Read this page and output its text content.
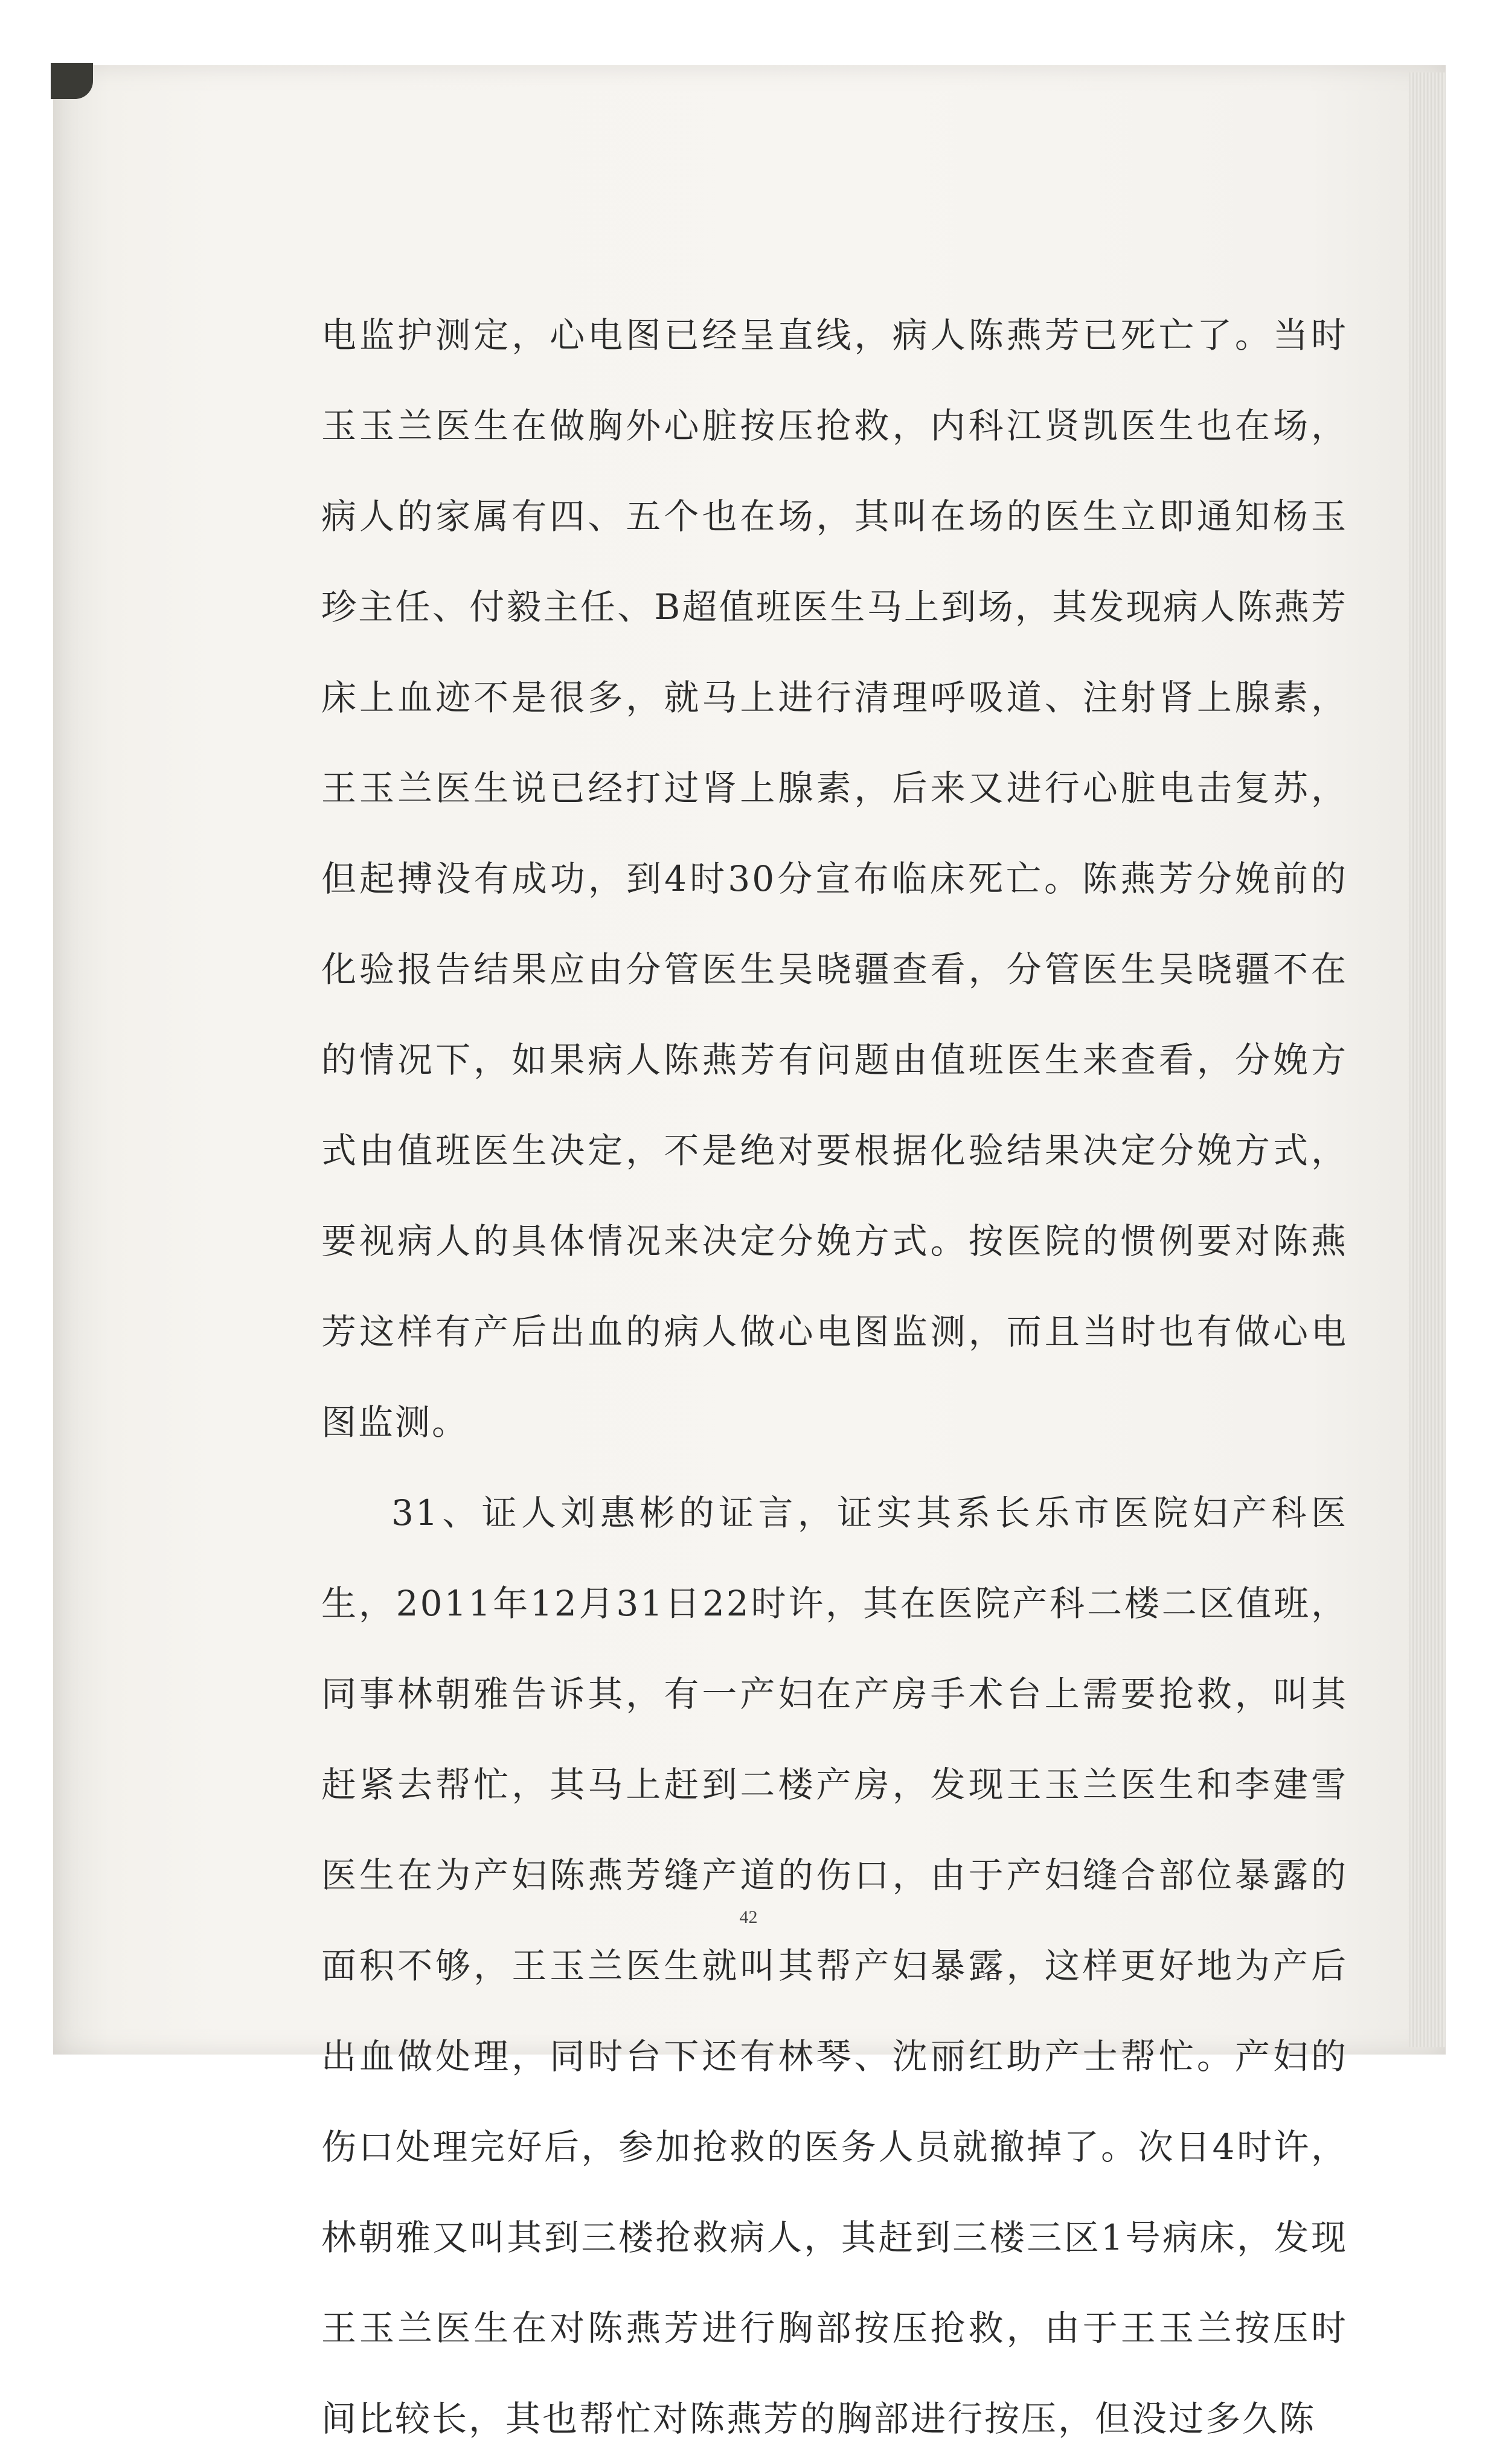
电监护测定，心电图已经呈直线，病人陈燕芳已死亡了。当时玉玉兰医生在做胸外心脏按压抢救，内科江贤凯医生也在场，病人的家属有四、五个也在场，其叫在场的医生立即通知杨玉珍主任、付毅主任、B超值班医生马上到场，其发现病人陈燕芳床上血迹不是很多，就马上进行清理呼吸道、注射肾上腺素，王玉兰医生说已经打过肾上腺素，后来又进行心脏电击复苏，但起搏没有成功，到4时30分宣布临床死亡。陈燕芳分娩前的化验报告结果应由分管医生吴晓疆查看，分管医生吴晓疆不在的情况下，如果病人陈燕芳有问题由值班医生来查看，分娩方式由值班医生决定，不是绝对要根据化验结果决定分娩方式，要视病人的具体情况来决定分娩方式。按医院的惯例要对陈燕芳这样有产后出血的病人做心电图监测，而且当时也有做心电图监测。

31、证人刘惠彬的证言，证实其系长乐市医院妇产科医生，2011年12月31日22时许，其在医院产科二楼二区值班，同事林朝雅告诉其，有一产妇在产房手术台上需要抢救，叫其赶紧去帮忙，其马上赶到二楼产房，发现王玉兰医生和李建雪医生在为产妇陈燕芳缝产道的伤口，由于产妇缝合部位暴露的面积不够，王玉兰医生就叫其帮产妇暴露，这样更好地为产后出血做处理，同时台下还有林琴、沈丽红助产士帮忙。产妇的伤口处理完好后，参加抢救的医务人员就撤掉了。次日4时许，林朝雅又叫其到三楼抢救病人，其赶到三楼三区1号病床，发现王玉兰医生在对陈燕芳进行胸部按压抢救，由于王玉兰按压时间比较长，其也帮忙对陈燕芳的胸部进行按压，但没过多久陈

42
